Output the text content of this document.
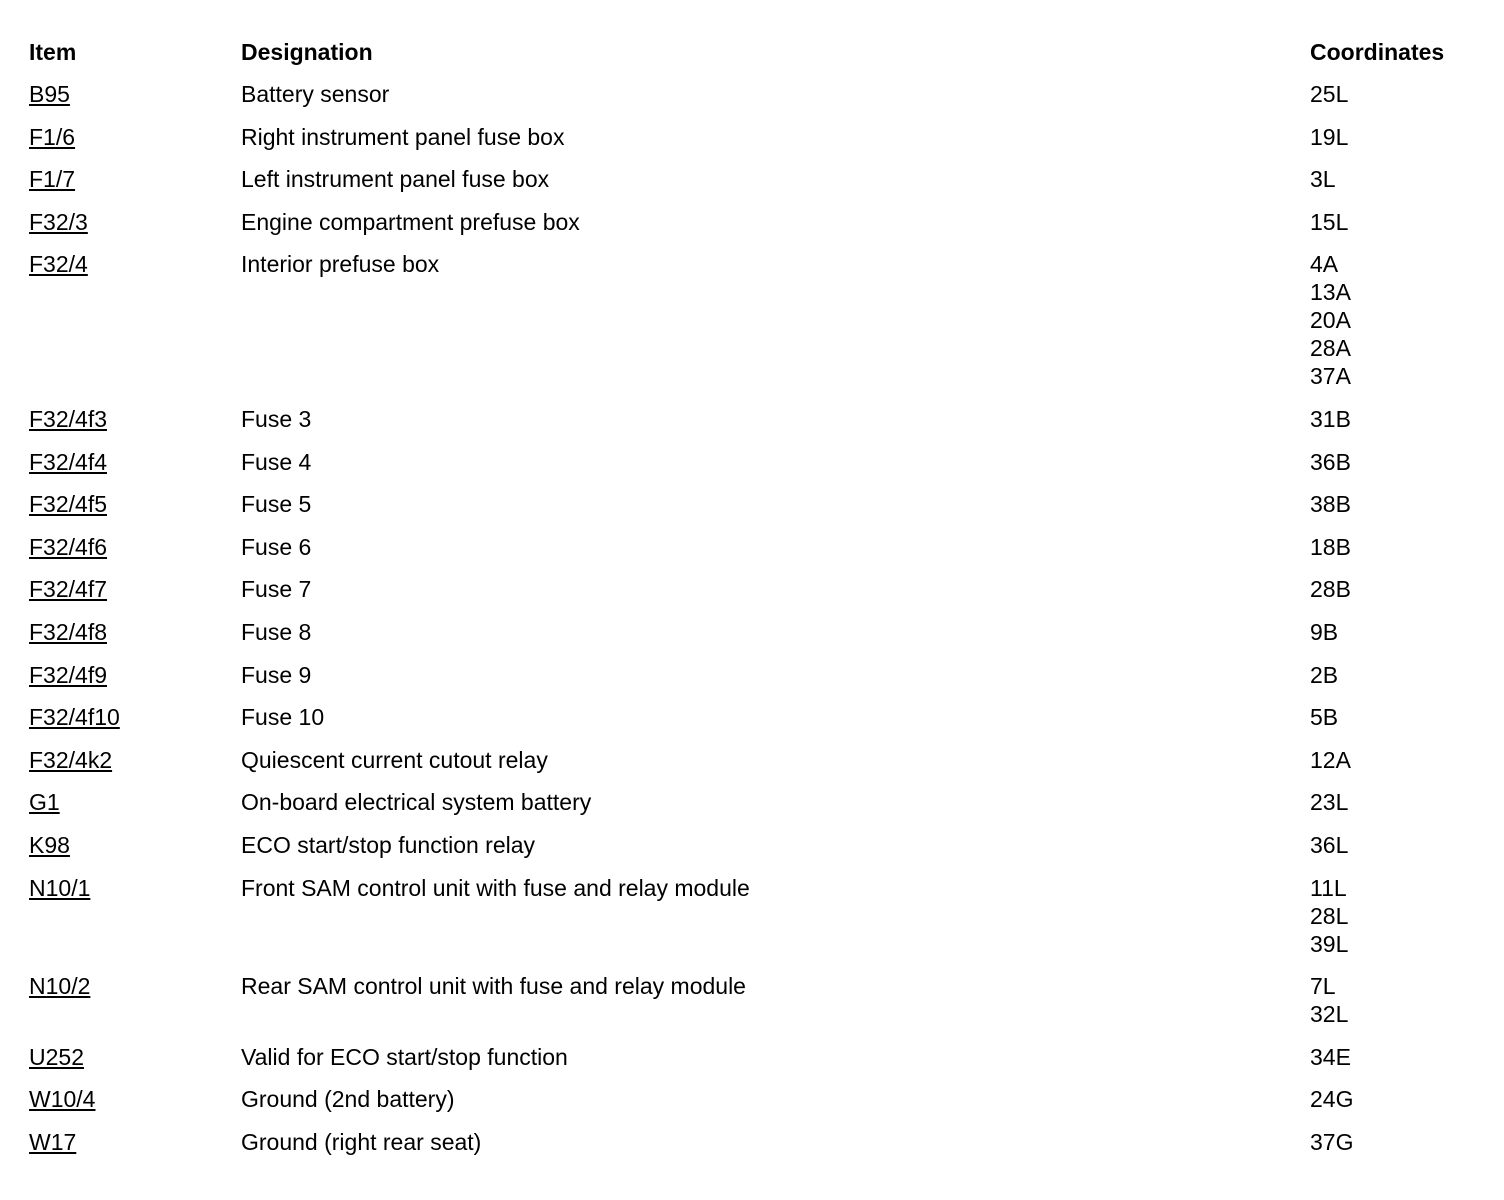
Item	Designation	Coordinates
B95	Battery sensor	25L
F1/6	Right instrument panel fuse box	19L
F1/7	Left instrument panel fuse box	3L
F32/3	Engine compartment prefuse box	15L
F32/4	Interior prefuse box	4A
13A
20A
28A
37A
F32/4f3	Fuse 3	31B
F32/4f4	Fuse 4	36B
F32/4f5	Fuse 5	38B
F32/4f6	Fuse 6	18B
F32/4f7	Fuse 7	28B
F32/4f8	Fuse 8	9B
F32/4f9	Fuse 9	2B
F32/4f10	Fuse 10	5B
F32/4k2	Quiescent current cutout relay	12A
G1	On-board electrical system battery	23L
K98	ECO start/stop function relay	36L
N10/1	Front SAM control unit with fuse and relay module	11L
28L
39L
N10/2	Rear SAM control unit with fuse and relay module	7L
32L
U252	Valid for ECO start/stop function	34E
W10/4	Ground (2nd battery)	24G
W17	Ground (right rear seat)	37G
